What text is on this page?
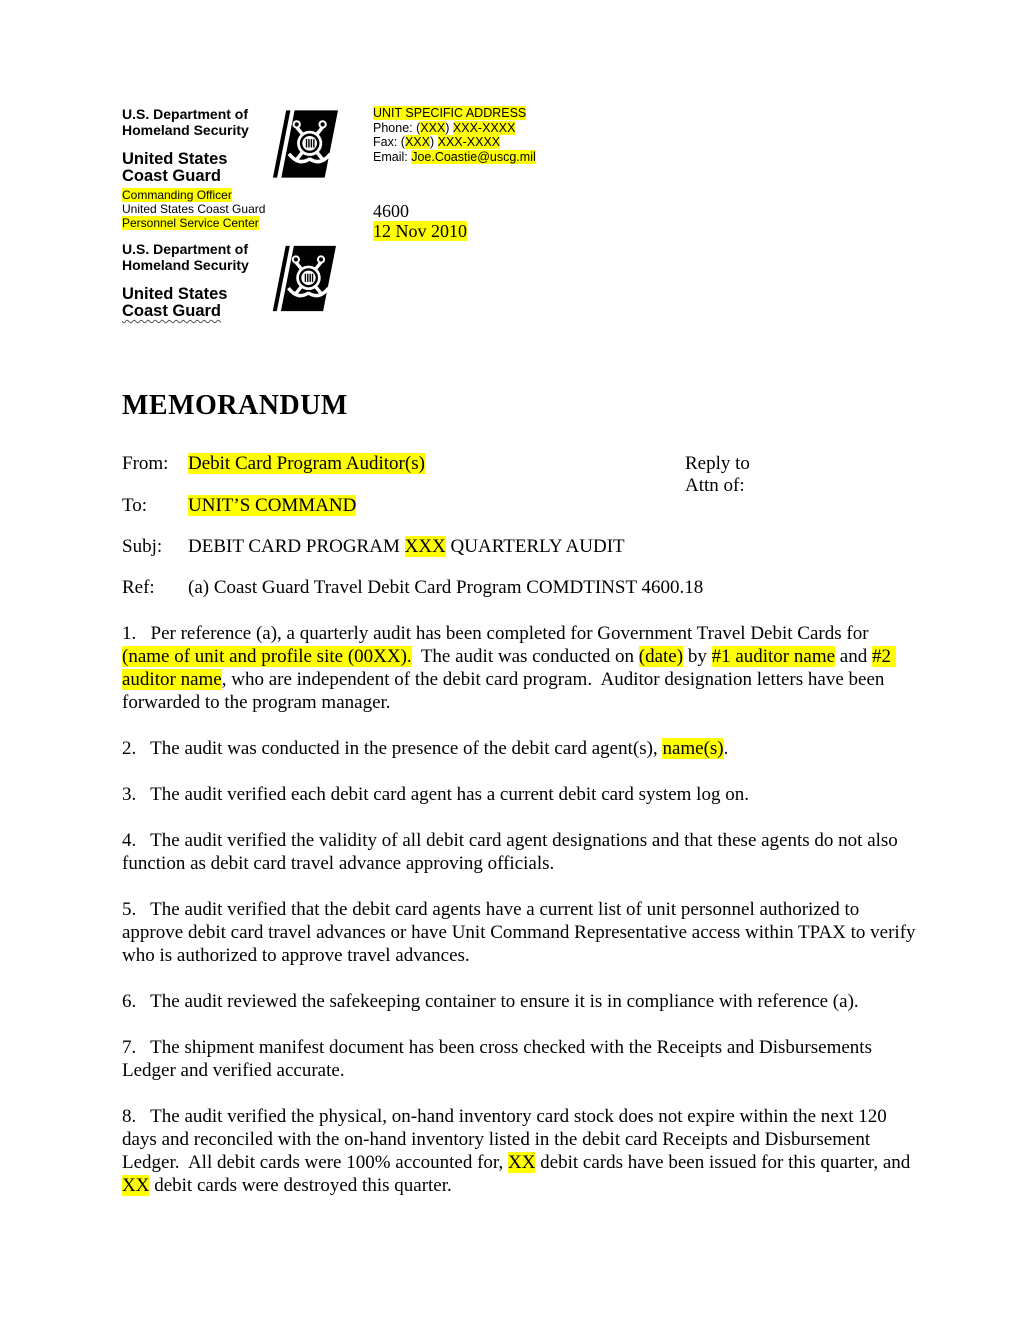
U.S. Department of
Homeland Security
United States
Coast Guard
Commanding Officer
United States Coast Guard
Personnel Service Center
UNIT SPECIFIC ADDRESS
Phone: (XXX) XXX-XXXX
Fax: (XXX) XXX-XXXX
Email: Joe.Coastie@uscg.mil
4600
12 Nov 2010
U.S. Department of
Homeland Security
United States
Coast Guard
MEMORANDUM
From: Debit Card Program Auditor(s)	Reply to
Attn of:
To: UNIT’S COMMAND
Subj: DEBIT CARD PROGRAM XXX QUARTERLY AUDIT
Ref: (a) Coast Guard Travel Debit Card Program COMDTINST 4600.18

1.   Per reference (a), a quarterly audit has been completed for Government Travel Debit Cards for (name of unit and profile site (00XX).  The audit was conducted on (date) by #1 auditor name and #2 auditor name, who are independent of the debit card program.  Auditor designation letters have been forwarded to the program manager.

2.   The audit was conducted in the presence of the debit card agent(s), name(s).

3.   The audit verified each debit card agent has a current debit card system log on.

4.   The audit verified the validity of all debit card agent designations and that these agents do not also function as debit card travel advance approving officials.

5.   The audit verified that the debit card agents have a current list of unit personnel authorized to approve debit card travel advances or have Unit Command Representative access within TPAX to verify who is authorized to approve travel advances.

6.   The audit reviewed the safekeeping container to ensure it is in compliance with reference (a).

7.   The shipment manifest document has been cross checked with the Receipts and Disbursements Ledger and verified accurate.

8.   The audit verified the physical, on-hand inventory card stock does not expire within the next 120 days and reconciled with the on-hand inventory listed in the debit card Receipts and Disbursement Ledger.  All debit cards were 100% accounted for, XX debit cards have been issued for this quarter, and XX debit cards were destroyed this quarter.
